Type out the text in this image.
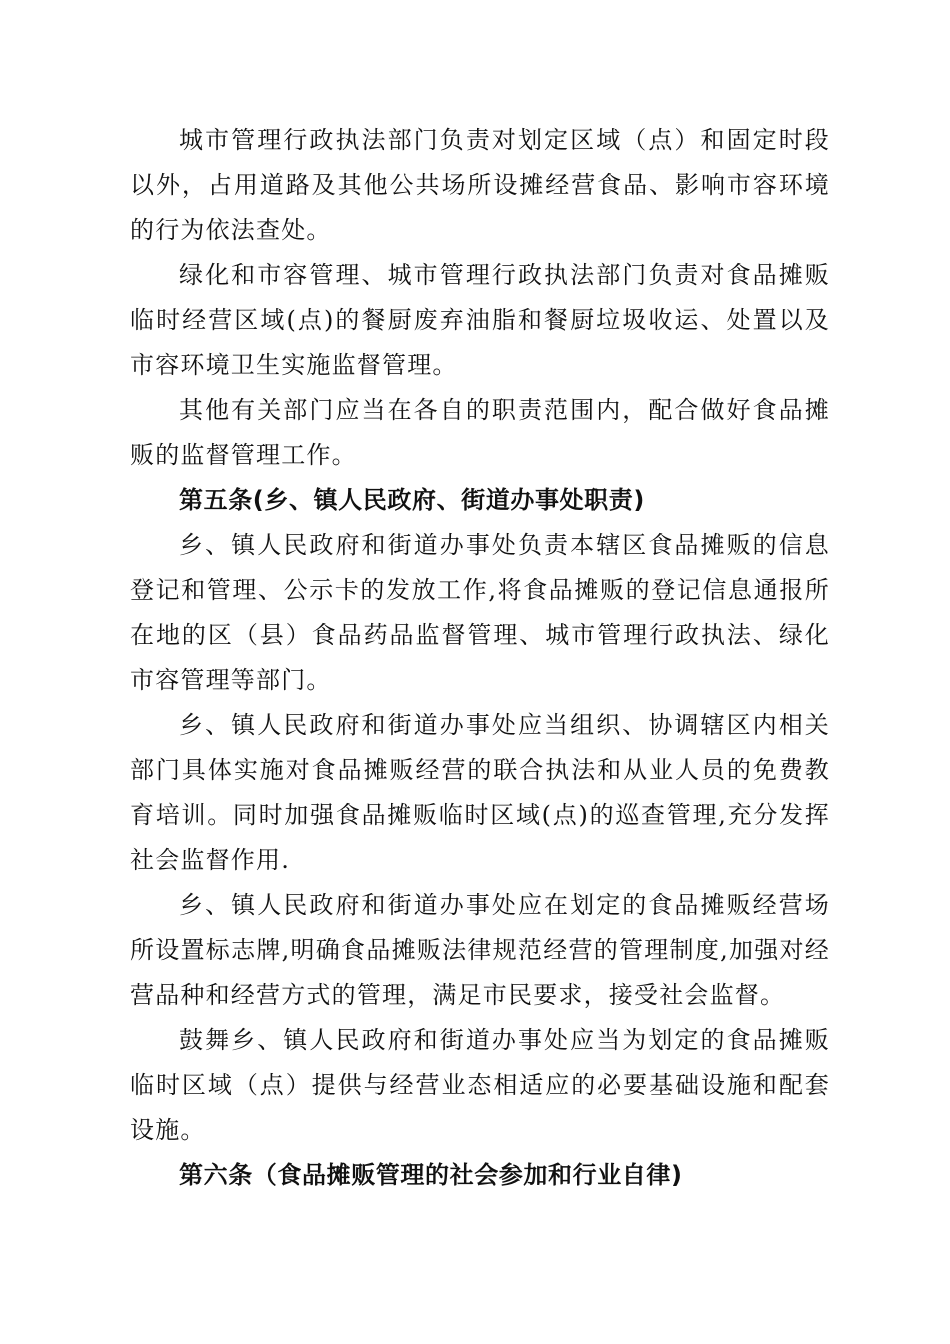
城市管理行政执法部门负责对划定区域（点）和固定时段以外，占用道路及其他公共场所设摊经营食品、影响市容环境的行为依法查处。

绿化和市容管理、城市管理行政执法部门负责对食品摊贩临时经营区域(点)的餐厨废弃油脂和餐厨垃圾收运、处置以及市容环境卫生实施监督管理。

其他有关部门应当在各自的职责范围内，配合做好食品摊贩的监督管理工作。

第五条(乡、镇人民政府、街道办事处职责)

乡、镇人民政府和街道办事处负责本辖区食品摊贩的信息登记和管理、公示卡的发放工作,将食品摊贩的登记信息通报所在地的区（县）食品药品监督管理、城市管理行政执法、绿化市容管理等部门。

乡、镇人民政府和街道办事处应当组织、协调辖区内相关部门具体实施对食品摊贩经营的联合执法和从业人员的免费教育培训。同时加强食品摊贩临时区域(点)的巡查管理,充分发挥社会监督作用.

乡、镇人民政府和街道办事处应在划定的食品摊贩经营场所设置标志牌,明确食品摊贩法律规范经营的管理制度,加强对经营品种和经营方式的管理，满足市民要求，接受社会监督。

鼓舞乡、镇人民政府和街道办事处应当为划定的食品摊贩临时区域（点）提供与经营业态相适应的必要基础设施和配套设施。

第六条（食品摊贩管理的社会参加和行业自律)
